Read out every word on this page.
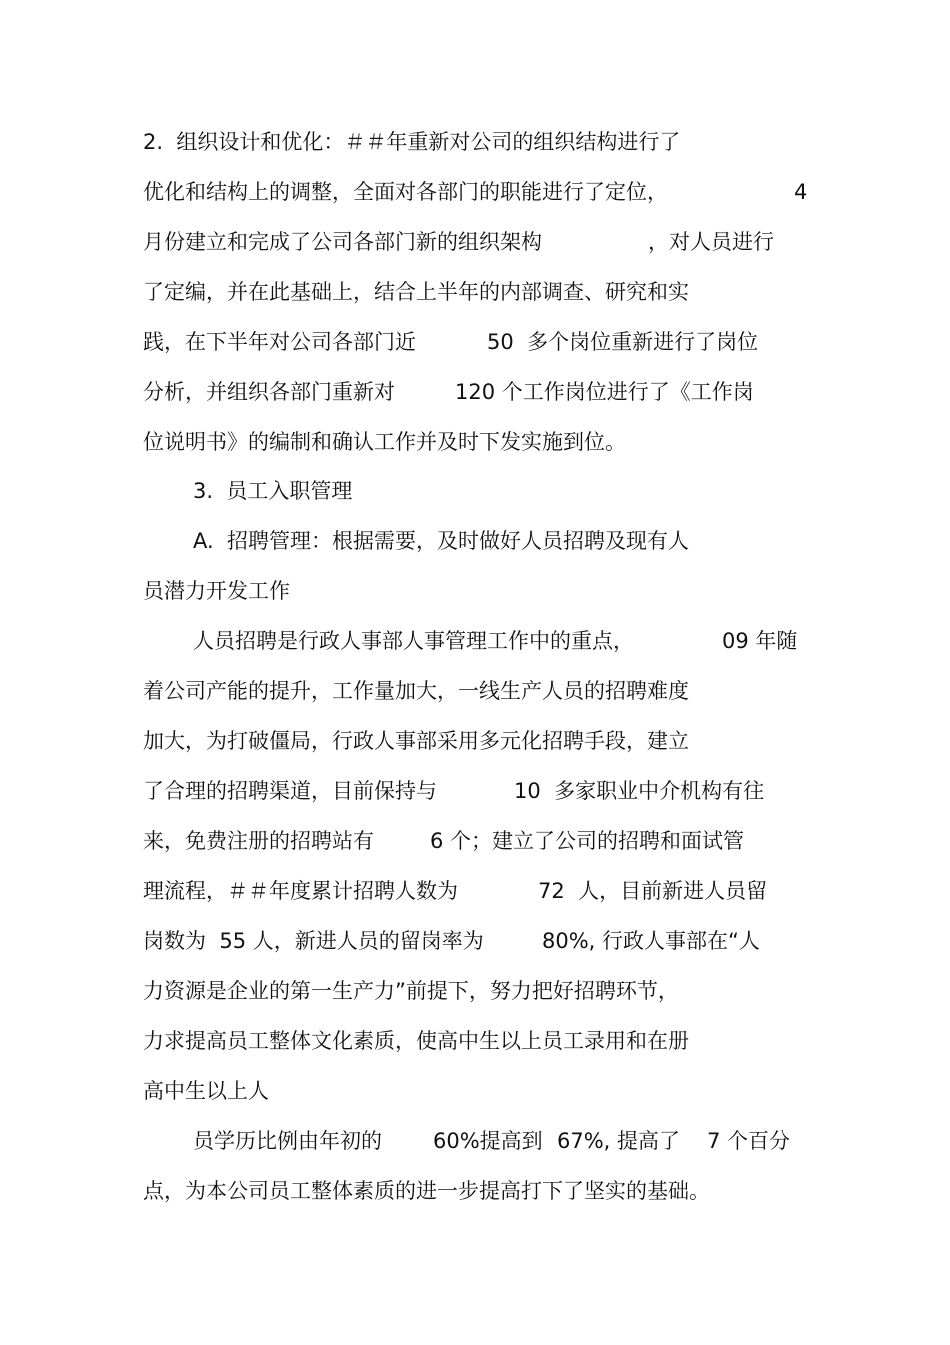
2.  组织设计和优化：＃＃年重新对公司的组织结构进行了
优化和结构上的调整，全面对各部门的职能进行了定位，	4
月份建立和完成了公司各部门新的组织架构	，对人员进行
了定编，并在此基础上，结合上半年的内部调查、研究和实
践，在下半年对公司各部门近	50  多个岗位重新进行了岗位
分析，并组织各部门重新对	120 个工作岗位进行了《工作岗
位说明书》的编制和确认工作并及时下发实施到位。
3.  员工入职管理
A.  招聘管理：根据需要，及时做好人员招聘及现有人
员潜力开发工作
人员招聘是行政人事部人事管理工作中的重点，	09 年随
着公司产能的提升，工作量加大，一线生产人员的招聘难度
加大，为打破僵局，行政人事部采用多元化招聘手段，建立
了合理的招聘渠道，目前保持与	10  多家职业中介机构有往
来，免费注册的招聘站有	6 个；建立了公司的招聘和面试管
理流程，＃＃年度累计招聘人数为	72  人，目前新进人员留
岗数为  55 人，新进人员的留岗率为	80%, 行政人事部在“人
力资源是企业的第一生产力”前提下，努力把好招聘环节，
力求提高员工整体文化素质，使高中生以上员工录用和在册
高中生以上人
员学历比例由年初的 60%提高到 67%, 提高了 7 个百分
点，为本公司员工整体素质的进一步提高打下了坚实的基础。
